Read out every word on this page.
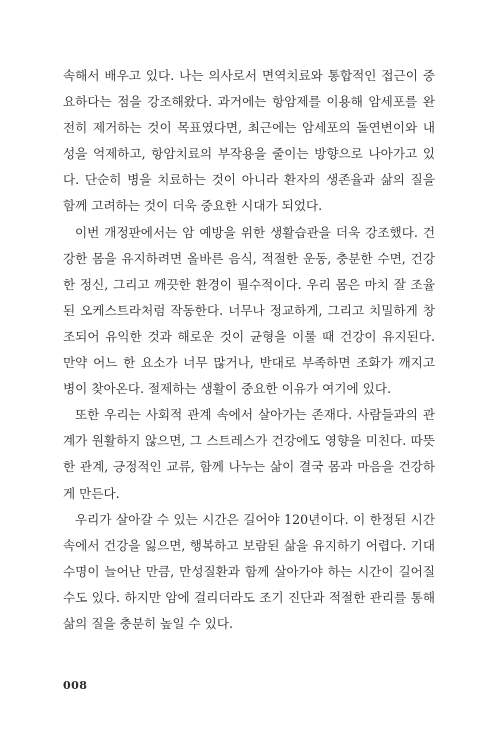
속해서 배우고 있다. 나는 의사로서 면역치료와 통합적인 접근이 중
요하다는 점을 강조해왔다. 과거에는 항암제를 이용해 암세포를 완
전히 제거하는 것이 목표였다면, 최근에는 암세포의 돌연변이와 내
성을 억제하고, 항암치료의 부작용을 줄이는 방향으로 나아가고 있
다. 단순히 병을 치료하는 것이 아니라 환자의 생존율과 삶의 질을
함께 고려하는 것이 더욱 중요한 시대가 되었다.
이번 개정판에서는 암 예방을 위한 생활습관을 더욱 강조했다. 건
강한 몸을 유지하려면 올바른 음식, 적절한 운동, 충분한 수면, 건강
한 정신, 그리고 깨끗한 환경이 필수적이다. 우리 몸은 마치 잘 조율
된 오케스트라처럼 작동한다. 너무나 정교하게, 그리고 치밀하게 창
조되어 유익한 것과 해로운 것이 균형을 이룰 때 건강이 유지된다.
만약 어느 한 요소가 너무 많거나, 반대로 부족하면 조화가 깨지고
병이 찾아온다. 절제하는 생활이 중요한 이유가 여기에 있다.
또한 우리는 사회적 관계 속에서 살아가는 존재다. 사람들과의 관
계가 원활하지 않으면, 그 스트레스가 건강에도 영향을 미친다. 따뜻
한 관계, 긍정적인 교류, 함께 나누는 삶이 결국 몸과 마음을 건강하
게 만든다.
우리가 살아갈 수 있는 시간은 길어야 120년이다. 이 한정된 시간
속에서 건강을 잃으면, 행복하고 보람된 삶을 유지하기 어렵다. 기대
수명이 늘어난 만큼, 만성질환과 함께 살아가야 하는 시간이 길어질
수도 있다. 하지만 암에 걸리더라도 조기 진단과 적절한 관리를 통해
삶의 질을 충분히 높일 수 있다.
008
